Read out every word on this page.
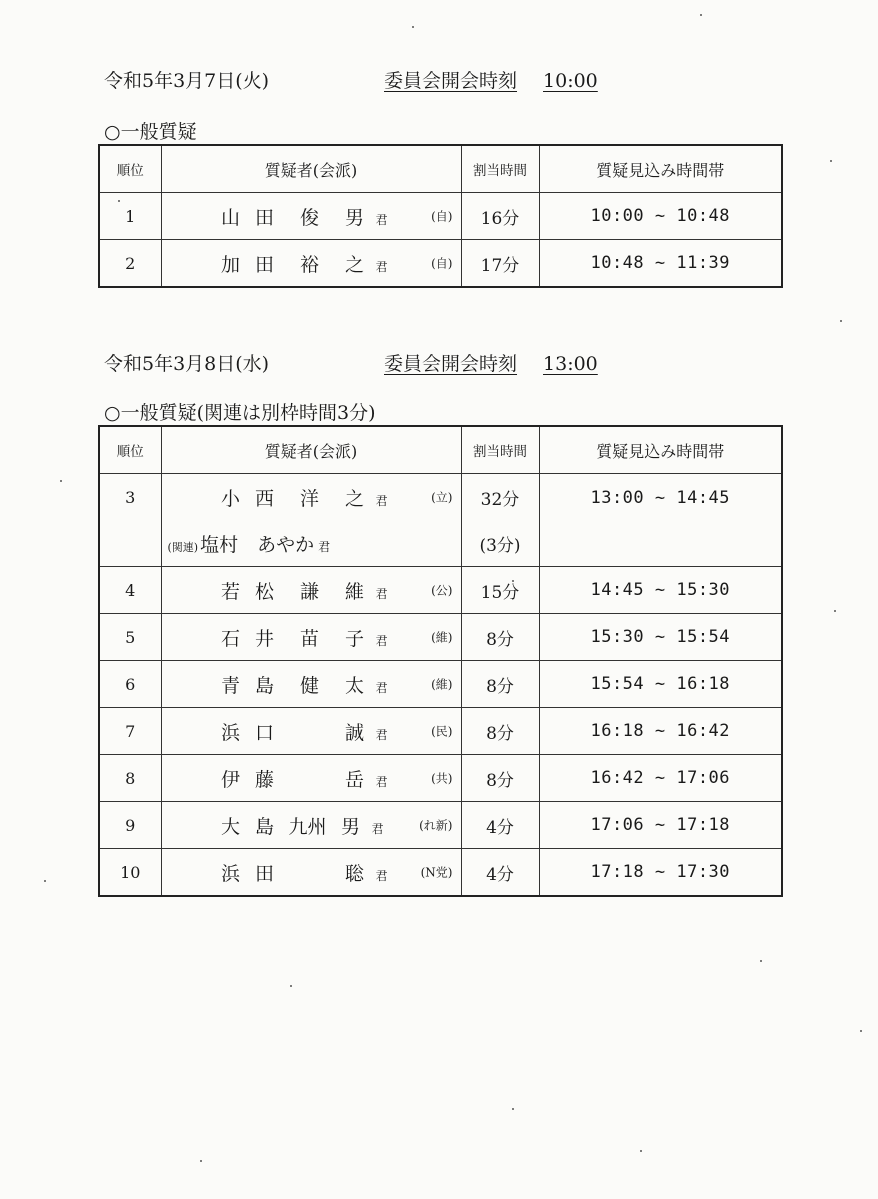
令和5年3月7日(火)	委員会開会時刻 10:00
○一般質疑
順位	質疑者(会派)	割当時間	質疑見込み時間帯
1	山 田 俊 男 君 (自)	16分	10:00 ~ 10:48
2	加 田 裕 之 君 (自)	17分	10:48 ~ 11:39
令和5年3月8日(水)	委員会開会時刻 13:00
○一般質疑(関連は別枠時間3分)
順位	質疑者(会派)	割当時間	質疑見込み時間帯
3	小 西 洋 之 君 (立)	32分	13:00 ~ 14:45
	(関連) 塩村　あやか 君	(3分)	
4	若 松 謙 維 君 (公)	15分	14:45 ~ 15:30
5	石 井 苗 子 君 (維)	8分	15:30 ~ 15:54
6	青 島 健 太 君 (維)	8分	15:54 ~ 16:18
7	浜 口 誠 君 (民)	8分	16:18 ~ 16:42
8	伊 藤 岳 君 (共)	8分	16:42 ~ 17:06
9	大 島 九州 男 君 (れ新)	4分	17:06 ~ 17:18
10	浜 田 聡 君 (N党)	4分	17:18 ~ 17:30
